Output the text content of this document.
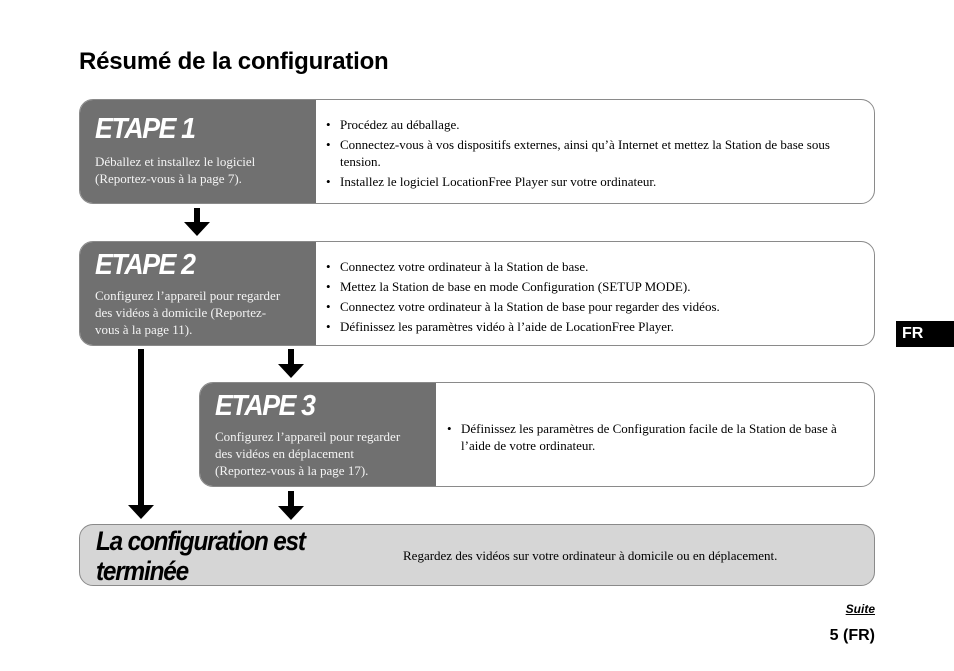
Résumé de la configuration
ETAPE 1
Déballez et installez le logiciel
(Reportez-vous à la page 7).
• Procédez au déballage.
• Connectez-vous à vos dispositifs externes, ainsi qu’à Internet et mettez la Station de base sous tension.
• Installez le logiciel LocationFree Player sur votre ordinateur.
ETAPE 2
Configurez l’appareil pour regarder
des vidéos à domicile (Reportez-
vous à la page 11).
• Connectez votre ordinateur à la Station de base.
• Mettez la Station de base en mode Configuration (SETUP MODE).
• Connectez votre ordinateur à la Station de base pour regarder des vidéos.
• Définissez les paramètres vidéo à l’aide de LocationFree Player.
ETAPE 3
Configurez l’appareil pour regarder
des vidéos en déplacement
(Reportez-vous à la page 17).
• Définissez les paramètres de Configuration facile de la Station de base à l’aide de votre ordinateur.
La configuration est
terminée
Regardez des vidéos sur votre ordinateur à domicile ou en déplacement.
FR
Suite
5 (FR)
